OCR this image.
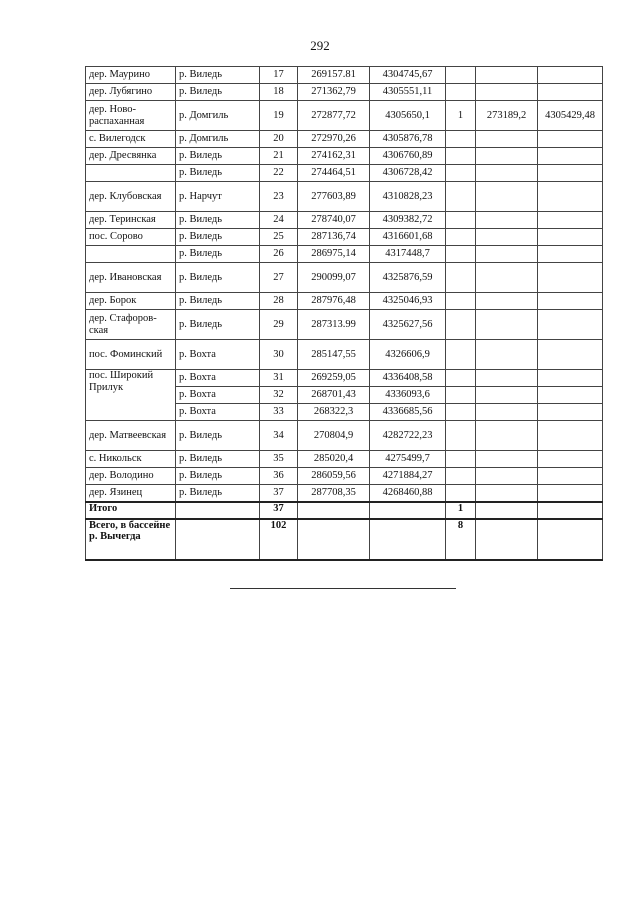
292
дер. Маурино	р. Виледь	17	269157.81	4304745,67			
дер. Лубягино	р. Виледь	18	271362,79	4305551,11			
дер. Ново-распаханная	р. Домгиль	19	272877,72	4305650,1	1	273189,2	4305429,48
с. Вилегодск	р. Домгиль	20	272970,26	4305876,78			
дер. Дресвянка	р. Виледь	21	274162,31	4306760,89			
	р. Виледь	22	274464,51	4306728,42			
дер. Клубовская	р. Нарчут	23	277603,89	4310828,23			
дер. Теринская	р. Виледь	24	278740,07	4309382,72			
пос. Сорово	р. Виледь	25	287136,74	4316601,68			
	р. Виледь	26	286975,14	4317448,7			
дер. Ивановская	р. Виледь	27	290099,07	4325876,59			
дер. Борок	р. Виледь	28	287976,48	4325046,93			
дер. Стафоров-ская	р. Виледь	29	287313.99	4325627,56			
пос. Фоминский	р. Вохта	30	285147,55	4326606,9			
пос. Широкий Прилук	р. Вохта	31	269259,05	4336408,58			
	р. Вохта	32	268701,43	4336093,6			
	р. Вохта	33	268322,3	4336685,56			
дер. Матвеевская	р. Виледь	34	270804,9	4282722,23			
с. Никольск	р. Виледь	35	285020,4	4275499,7			
дер. Володино	р. Виледь	36	286059,56	4271884,27			
дер. Язинец	р. Виледь	37	287708,35	4268460,88			
Итого		37			1		
Всего, в бассейне р. Вычегда		102			8		
